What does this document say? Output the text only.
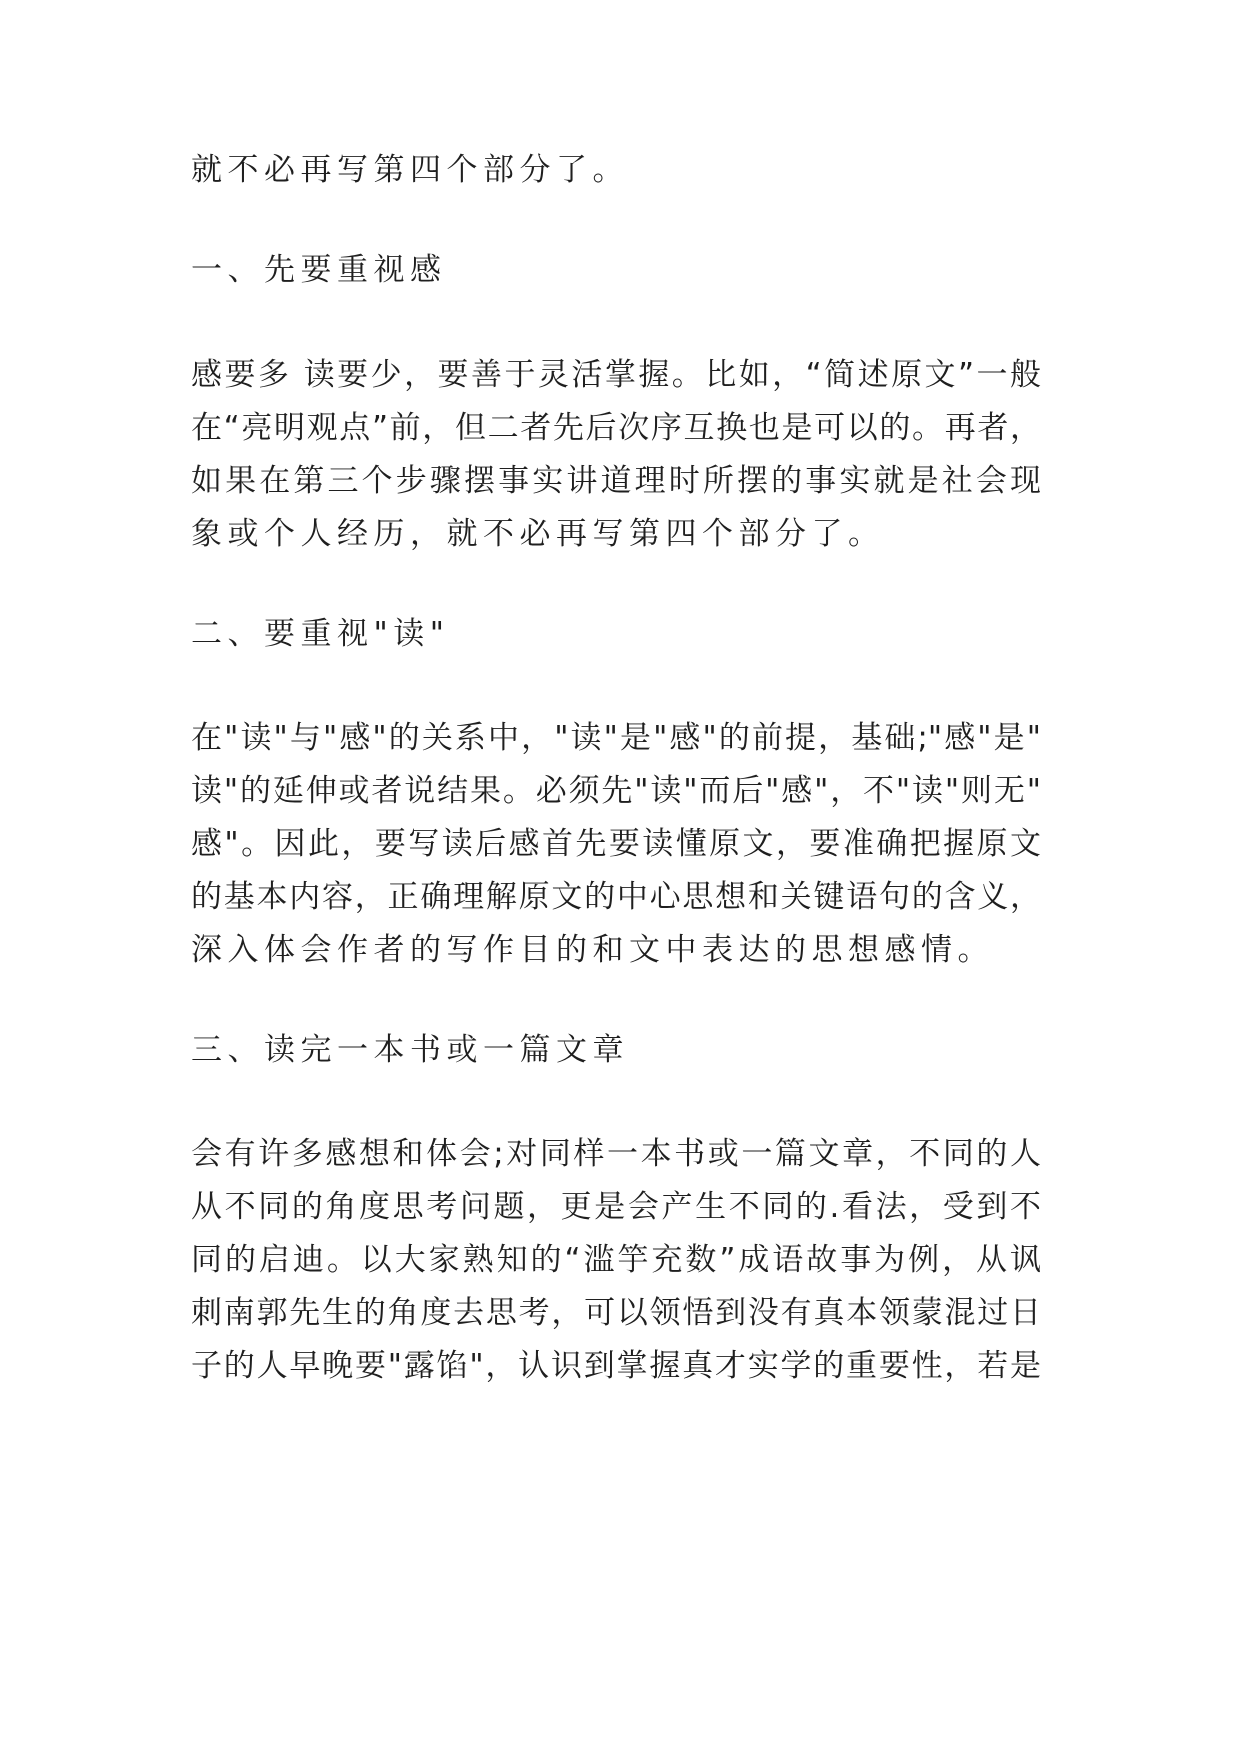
就不必再写第四个部分了。

一、先要重视感

感要多 读要少，要善于灵活掌握。比如，“简述原文”一般

在“亮明观点”前，但二者先后次序互换也是可以的。再者，

如果在第三个步骤摆事实讲道理时所摆的事实就是社会现

象或个人经历，就不必再写第四个部分了。

二、要重视"读"

在"读"与"感"的关系中，"读"是"感"的前提，基础;"感"是"

读"的延伸或者说结果。必须先"读"而后"感"，不"读"则无"

感"。因此，要写读后感首先要读懂原文，要准确把握原文

的基本内容，正确理解原文的中心思想和关键语句的含义，

深入体会作者的写作目的和文中表达的思想感情。

三、读完一本书或一篇文章

会有许多感想和体会;对同样一本书或一篇文章，不同的人

从不同的角度思考问题，更是会产生不同的.看法，受到不

同的启迪。以大家熟知的“滥竽充数”成语故事为例，从讽

刺南郭先生的角度去思考，可以领悟到没有真本领蒙混过日

子的人早晚要"露馅"，认识到掌握真才实学的重要性，若是
